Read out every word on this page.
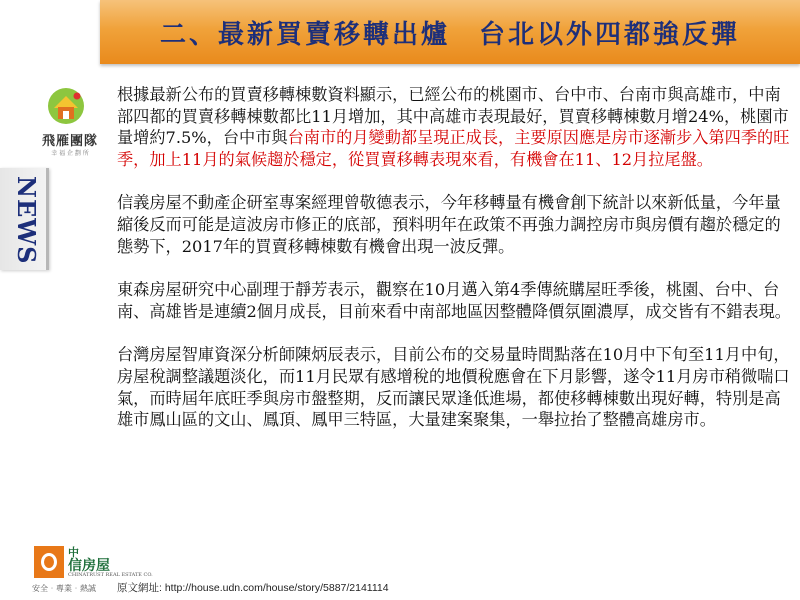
二、最新買賣移轉出爐　台北以外四都強反彈
飛雁團隊
幸 福 企 劃 所
NEWS

根據最新公布的買賣移轉棟數資料顯示，已經公布的桃園市、台中市、台南市與高雄市，中南部四都的買賣移轉棟數都比11月增加，其中高雄市表現最好，買賣移轉棟數月增24%，桃園市量增約7.5%，台中市與台南市的月變動都呈現正成長，主要原因應是房市逐漸步入第四季的旺季，加上11月的氣候趨於穩定，從買賣移轉表現來看，有機會在11、12月拉尾盤。

信義房屋不動產企研室專案經理曾敬德表示，今年移轉量有機會創下統計以來新低量，今年量縮後反而可能是這波房市修正的底部，預料明年在政策不再強力調控房市與房價有趨於穩定的態勢下，2017年的買賣移轉棟數有機會出現一波反彈。

東森房屋研究中心副理于靜芳表示，觀察在10月邁入第4季傳統購屋旺季後，桃園、台中、台南、高雄皆是連續2個月成長，目前來看中南部地區因整體降價氛圍濃厚，成交皆有不錯表現。

台灣房屋智庫資深分析師陳炳辰表示，目前公布的交易量時間點落在10月中下旬至11月中旬，房屋稅調整議題淡化，而11月民眾有感增稅的地價稅應會在下月影響，遂令11月房市稍微喘口氣，而時屆年底旺季與房市盤整期，反而讓民眾逢低進場，都使移轉棟數出現好轉，特別是高雄市鳳山區的文山、鳳頂、鳳甲三特區，大量建案聚集，一舉拉抬了整體高雄房市。

中
信房屋
CHINATRUST REAL ESTATE CO.
安全‧專業‧熱誠 原文網址: http://house.udn.com/house/story/5887/2141114
